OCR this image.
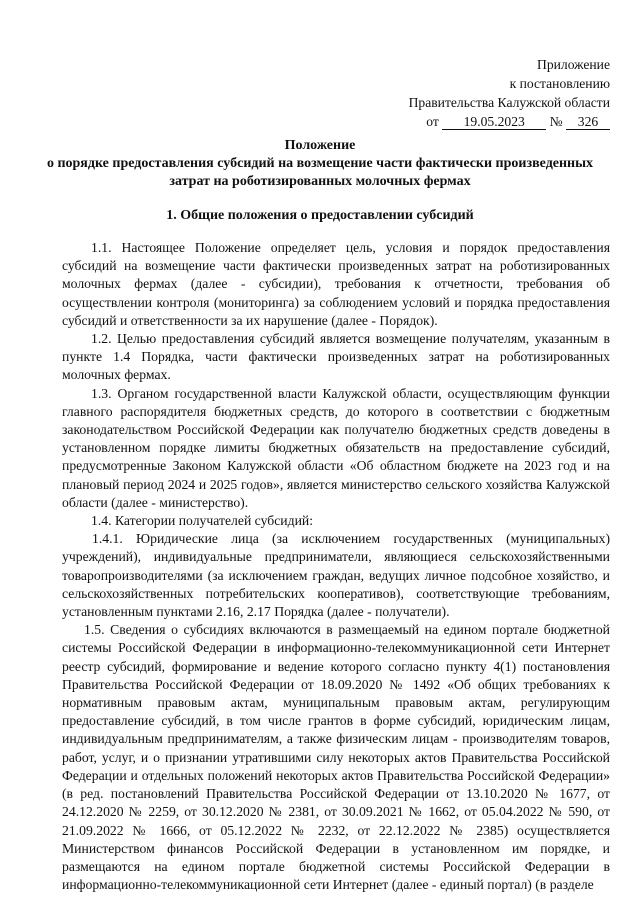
Приложение
к постановлению
Правительства Калужской области
от 19.05.2023 № 326
Положение
о порядке предоставления субсидий на возмещение части фактически произведенных
затрат на роботизированных молочных фермах
1. Общие положения о предоставлении субсидий

1.1. Настоящее Положение определяет цель, условия и порядок предоставления субсидий на возмещение части фактически произведенных затрат на роботизированных молочных фермах (далее - субсидии), требования к отчетности, требования об осуществлении контроля (мониторинга) за соблюдением условий и порядка предоставления субсидий и ответственности за их нарушение (далее - Порядок).

1.2. Целью предоставления субсидий является возмещение получателям, указанным в пункте 1.4 Порядка, части фактически произведенных затрат на роботизированных молочных фермах.

1.3. Органом государственной власти Калужской области, осуществляющим функции главного распорядителя бюджетных средств, до которого в соответствии с бюджетным законодательством Российской Федерации как получателю бюджетных средств доведены в установленном порядке лимиты бюджетных обязательств на предоставление субсидий, предусмотренные Законом Калужской области «Об областном бюджете на 2023 год и на плановый период 2024 и 2025 годов», является министерство сельского хозяйства Калужской области (далее - министерство).

1.4. Категории получателей субсидий:

1.4.1. Юридические лица (за исключением государственных (муниципальных) учреждений), индивидуальные предприниматели, являющиеся сельскохозяйственными товаропроизводителями (за исключением граждан, ведущих личное подсобное хозяйство, и сельскохозяйственных потребительских кооперативов), соответствующие требованиям, установленным пунктами 2.16, 2.17 Порядка (далее - получатели).

1.5. Сведения о субсидиях включаются в размещаемый на едином портале бюджетной системы Российской Федерации в информационно-телекоммуникационной сети Интернет реестр субсидий, формирование и ведение которого согласно пункту 4(1) постановления Правительства Российской Федерации от 18.09.2020 № 1492 «Об общих требованиях к нормативным правовым актам, муниципальным правовым актам, регулирующим предоставление субсидий, в том числе грантов в форме субсидий, юридическим лицам, индивидуальным предпринимателям, а также физическим лицам - производителям товаров, работ, услуг, и о признании утратившими силу некоторых актов Правительства Российской Федерации и отдельных положений некоторых актов Правительства Российской Федерации» (в ред. постановлений Правительства Российской Федерации от 13.10.2020 № 1677, от 24.12.2020 № 2259, от 30.12.2020 № 2381, от 30.09.2021 № 1662, от 05.04.2022 № 590, от 21.09.2022 № 1666, от 05.12.2022 № 2232, от 22.12.2022 № 2385) осуществляется Министерством финансов Российской Федерации в установленном им порядке, и размещаются на едином портале бюджетной системы Российской Федерации в информационно-телекоммуникационной сети Интернет (далее - единый портал) (в разделе
